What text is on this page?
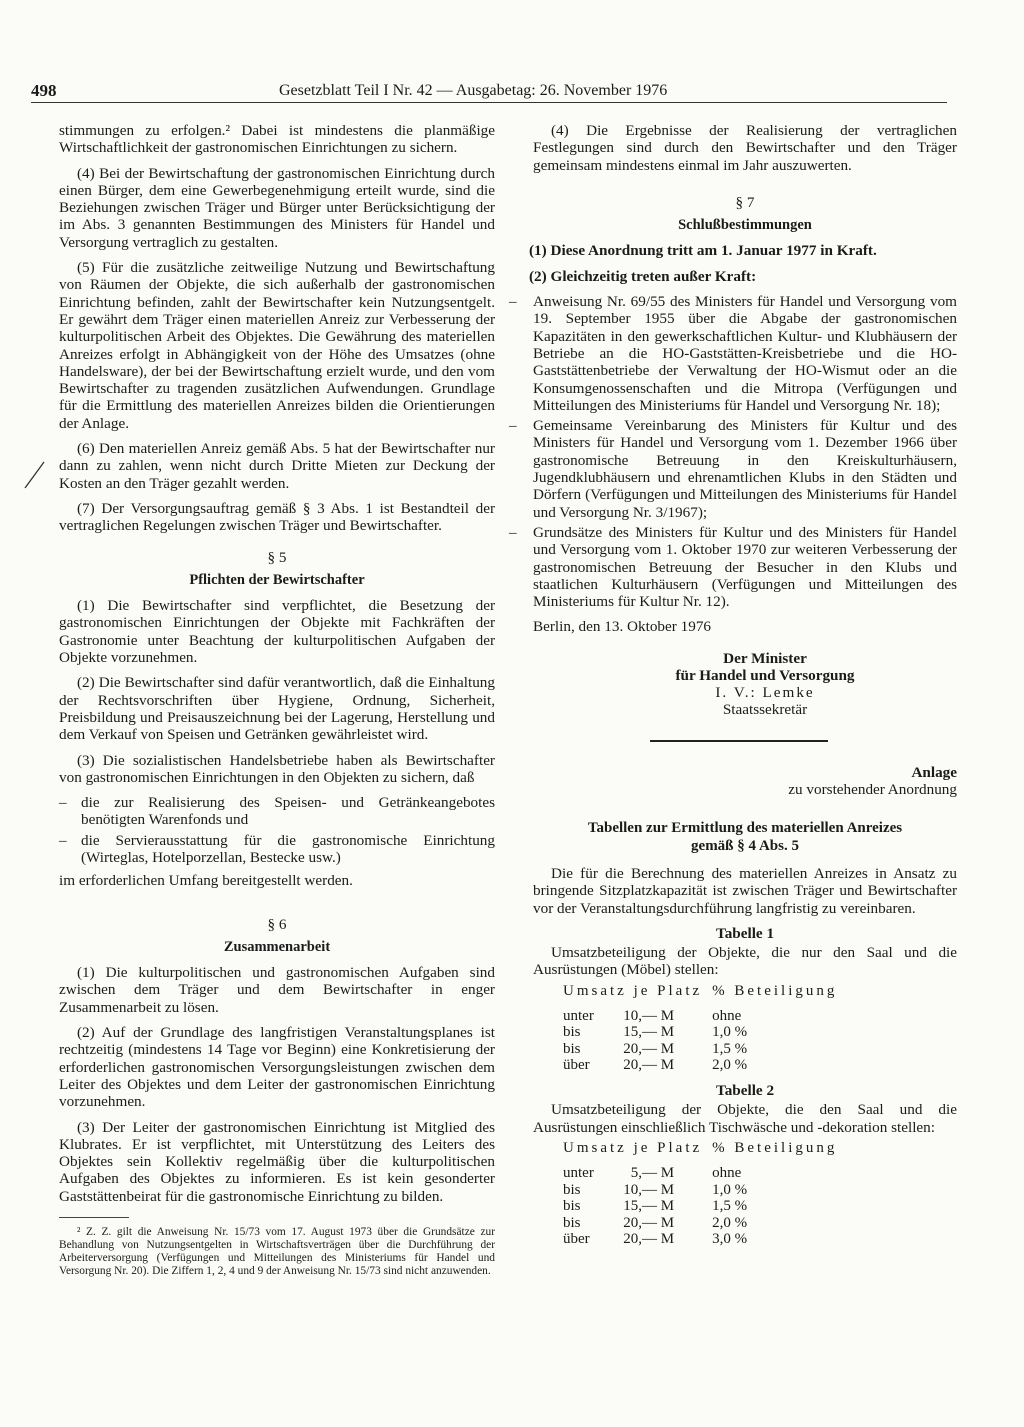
498	Gesetzblatt Teil I Nr. 42 — Ausgabetag: 26. November 1976

stimmungen zu erfolgen.² Dabei ist mindestens die planmäßige Wirtschaftlichkeit der gastronomischen Einrichtungen zu sichern.

(4) Bei der Bewirtschaftung der gastronomischen Einrichtung durch einen Bürger, dem eine Gewerbegenehmigung erteilt wurde, sind die Beziehungen zwischen Träger und Bürger unter Berücksichtigung der im Abs. 3 genannten Bestimmungen des Ministers für Handel und Versorgung vertraglich zu gestalten.

(5) Für die zusätzliche zeitweilige Nutzung und Bewirtschaftung von Räumen der Objekte, die sich außerhalb der gastronomischen Einrichtung befinden, zahlt der Bewirtschafter kein Nutzungsentgelt. Er gewährt dem Träger einen materiellen Anreiz zur Verbesserung der kulturpolitischen Arbeit des Objektes. Die Gewährung des materiellen Anreizes erfolgt in Abhängigkeit von der Höhe des Umsatzes (ohne Handelsware), der bei der Bewirtschaftung erzielt wurde, und den vom Bewirtschafter zu tragenden zusätzlichen Aufwendungen. Grundlage für die Ermittlung des materiellen Anreizes bilden die Orientierungen der Anlage.

(6) Den materiellen Anreiz gemäß Abs. 5 hat der Bewirtschafter nur dann zu zahlen, wenn nicht durch Dritte Mieten zur Deckung der Kosten an den Träger gezahlt werden.

(7) Der Versorgungsauftrag gemäß § 3 Abs. 1 ist Bestandteil der vertraglichen Regelungen zwischen Träger und Bewirtschafter.

§ 5
Pflichten der Bewirtschafter

(1) Die Bewirtschafter sind verpflichtet, die Besetzung der gastronomischen Einrichtungen der Objekte mit Fachkräften der Gastronomie unter Beachtung der kulturpolitischen Aufgaben der Objekte vorzunehmen.

(2) Die Bewirtschafter sind dafür verantwortlich, daß die Einhaltung der Rechtsvorschriften über Hygiene, Ordnung, Sicherheit, Preisbildung und Preisauszeichnung bei der Lagerung, Herstellung und dem Verkauf von Speisen und Getränken gewährleistet wird.

(3) Die sozialistischen Handelsbetriebe haben als Bewirtschafter von gastronomischen Einrichtungen in den Objekten zu sichern, daß

– die zur Realisierung des Speisen- und Getränkeangebotes benötigten Warenfonds und
– die Servierausstattung für die gastronomische Einrichtung (Wirteglas, Hotelporzellan, Bestecke usw.)

im erforderlichen Umfang bereitgestellt werden.

§ 6
Zusammenarbeit

(1) Die kulturpolitischen und gastronomischen Aufgaben sind zwischen dem Träger und dem Bewirtschafter in enger Zusammenarbeit zu lösen.

(2) Auf der Grundlage des langfristigen Veranstaltungsplanes ist rechtzeitig (mindestens 14 Tage vor Beginn) eine Konkretisierung der erforderlichen gastronomischen Versorgungsleistungen zwischen dem Leiter des Objektes und dem Leiter der gastronomischen Einrichtung vorzunehmen.

(3) Der Leiter der gastronomischen Einrichtung ist Mitglied des Klubrates. Er ist verpflichtet, mit Unterstützung des Leiters des Objektes sein Kollektiv regelmäßig über die kulturpolitischen Aufgaben des Objektes zu informieren. Es ist kein gesonderter Gaststättenbeirat für die gastronomische Einrichtung zu bilden.

² Z. Z. gilt die Anweisung Nr. 15/73 vom 17. August 1973 über die Grundsätze zur Behandlung von Nutzungsentgelten in Wirtschaftsverträgen über die Durchführung der Arbeiterversorgung (Verfügungen und Mitteilungen des Ministeriums für Handel und Versorgung Nr. 20). Die Ziffern 1, 2, 4 und 9 der Anweisung Nr. 15/73 sind nicht anzuwenden.

(4) Die Ergebnisse der Realisierung der vertraglichen Festlegungen sind durch den Bewirtschafter und den Träger gemeinsam mindestens einmal im Jahr auszuwerten.

§ 7
Schlußbestimmungen

(1) Diese Anordnung tritt am 1. Januar 1977 in Kraft.

(2) Gleichzeitig treten außer Kraft:

– Anweisung Nr. 69/55 des Ministers für Handel und Versorgung vom 19. September 1955 über die Abgabe der gastronomischen Kapazitäten in den gewerkschaftlichen Kultur- und Klubhäusern der Betriebe an die HO-Gaststätten-Kreisbetriebe und die HO-Gaststättenbetriebe der Verwaltung der HO-Wismut oder an die Konsumgenossenschaften und die Mitropa (Verfügungen und Mitteilungen des Ministeriums für Handel und Versorgung Nr. 18);
– Gemeinsame Vereinbarung des Ministers für Kultur und des Ministers für Handel und Versorgung vom 1. Dezember 1966 über gastronomische Betreuung in den Kreiskulturhäusern, Jugendklubhäusern und ehrenamtlichen Klubs in den Städten und Dörfern (Verfügungen und Mitteilungen des Ministeriums für Handel und Versorgung Nr. 3/1967);
– Grundsätze des Ministers für Kultur und des Ministers für Handel und Versorgung vom 1. Oktober 1970 zur weiteren Verbesserung der gastronomischen Betreuung der Besucher in den Klubs und staatlichen Kulturhäusern (Verfügungen und Mitteilungen des Ministeriums für Kultur Nr. 12).

Berlin, den 13. Oktober 1976

Der Minister
für Handel und Versorgung
I. V.: Lemke
Staatssekretär

Anlage

zu vorstehender Anordnung

Tabellen zur Ermittlung des materiellen Anreizes
gemäß § 4 Abs. 5

Die für die Berechnung des materiellen Anreizes in Ansatz zu bringende Sitzplatzkapazität ist zwischen Träger und Bewirtschafter vor der Veranstaltungsdurchführung langfristig zu vereinbaren.

Tabelle 1

Umsatzbeteiligung der Objekte, die nur den Saal und die Ausrüstungen (Möbel) stellen:

Umsatz je Platz		% Beteiligung
unter	10,— M	ohne
bis	15,— M	1,0 %
bis	20,— M	1,5 %
über	20,— M	2,0 %
Tabelle 2

Umsatzbeteiligung der Objekte, die den Saal und die Ausrüstungen einschließlich Tischwäsche und -dekoration stellen:

Umsatz je Platz		% Beteiligung
unter	5,— M	ohne
bis	10,— M	1,0 %
bis	15,— M	1,5 %
bis	20,— M	2,0 %
über	20,— M	3,0 %
